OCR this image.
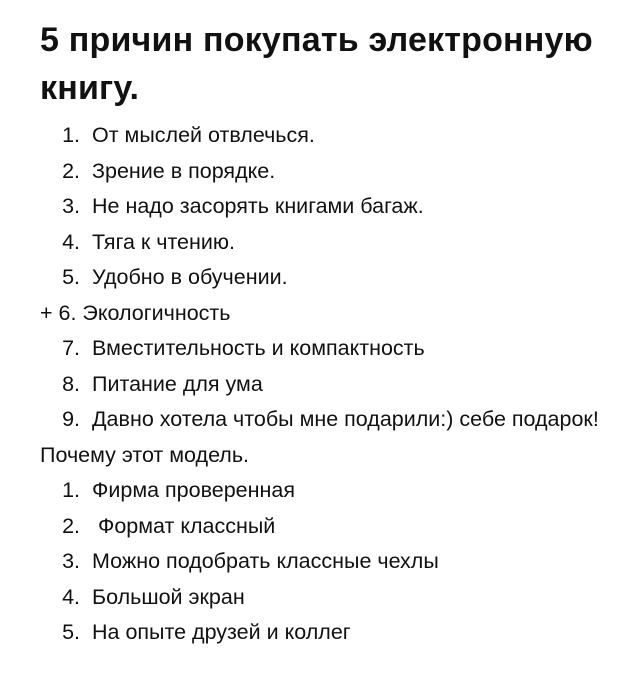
5 причин покупать электронную книгу.
1. От мыслей отвлечься.
2. Зрение в порядке.
3. Не надо засорять книгами багаж.
4. Тяга к чтению.
5. Удобно в обучении.
+ 6. Экологичность
7. Вместительность и компактность
8. Питание для ума
9. Давно хотела чтобы мне подарили:) себе подарок!
Почему этот модель.
1. Фирма проверенная
2. Формат классный
3. Можно подобрать классные чехлы
4. Большой экран
5. На опыте друзей и коллег
